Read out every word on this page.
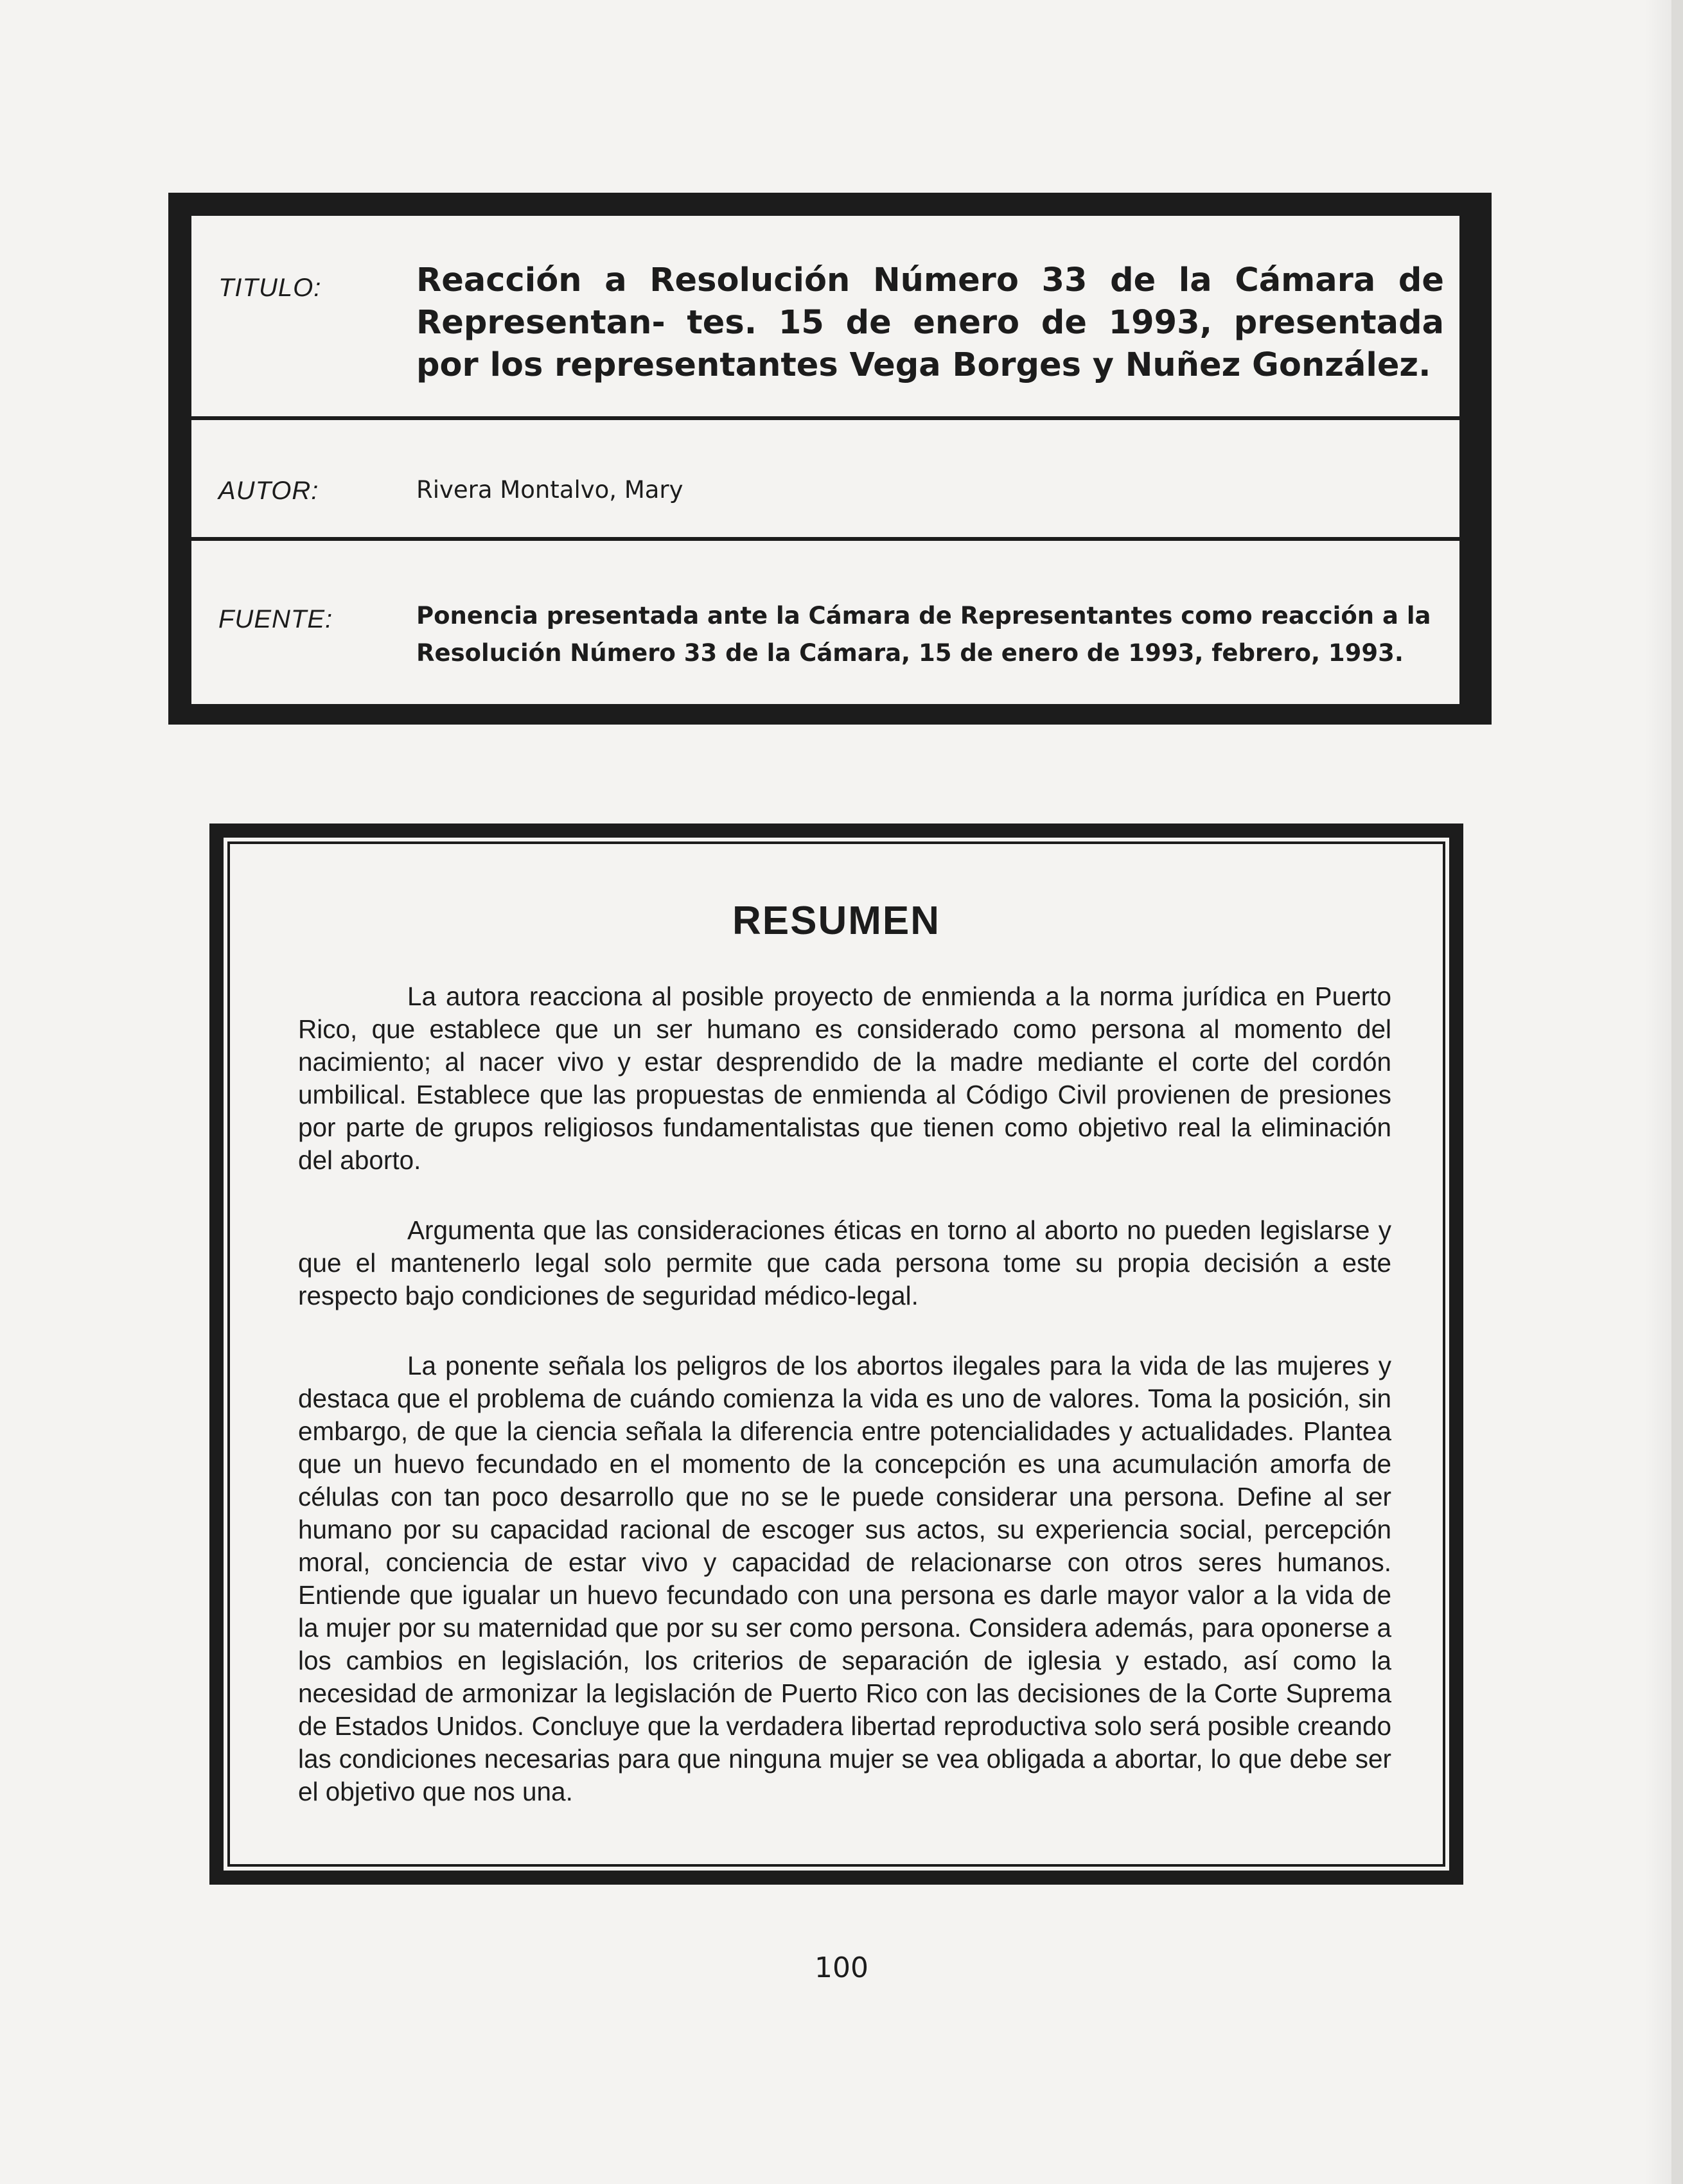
TITULO:	Reacción a Resolución Número 33 de la Cámara de Representan- tes. 15 de enero de 1993, presentada por los representantes Vega Borges y Nuñez González.
AUTOR:	Rivera Montalvo, Mary
FUENTE:	Ponencia presentada ante la Cámara de Representantes como reacción a la Resolución Número 33 de la Cámara, 15 de enero de 1993, febrero, 1993.
RESUMEN

La autora reacciona al posible proyecto de enmienda a la norma jurídica en Puerto Rico, que establece que un ser humano es considerado como persona al momento del nacimiento; al nacer vivo y estar desprendido de la madre mediante el corte del cordón umbilical. Establece que las propuestas de enmienda al Código Civil provienen de presiones por parte de grupos religiosos fundamentalistas que tienen como objetivo real la eliminación del aborto.

Argumenta que las consideraciones éticas en torno al aborto no pueden legislarse y que el mantenerlo legal solo permite que cada persona tome su propia decisión a este respecto bajo condiciones de seguridad médico-legal.

La ponente señala los peligros de los abortos ilegales para la vida de las mujeres y destaca que el problema de cuándo comienza la vida es uno de valores. Toma la posición, sin embargo, de que la ciencia señala la diferencia entre potencialidades y actualidades. Plantea que un huevo fecundado en el momento de la concepción es una acumulación amorfa de células con tan poco desarrollo que no se le puede considerar una persona. Define al ser humano por su capacidad racional de escoger sus actos, su experiencia social, percepción moral, conciencia de estar vivo y capacidad de relacionarse con otros seres humanos. Entiende que igualar un huevo fecundado con una persona es darle mayor valor a la vida de la mujer por su maternidad que por su ser como persona. Considera además, para oponerse a los cambios en legislación, los criterios de separación de iglesia y estado, así como la necesidad de armonizar la legislación de Puerto Rico con las decisiones de la Corte Suprema de Estados Unidos. Concluye que la verdadera libertad reproductiva solo será posible creando las condiciones necesarias para que ninguna mujer se vea obligada a abortar, lo que debe ser el objetivo que nos una.

100
